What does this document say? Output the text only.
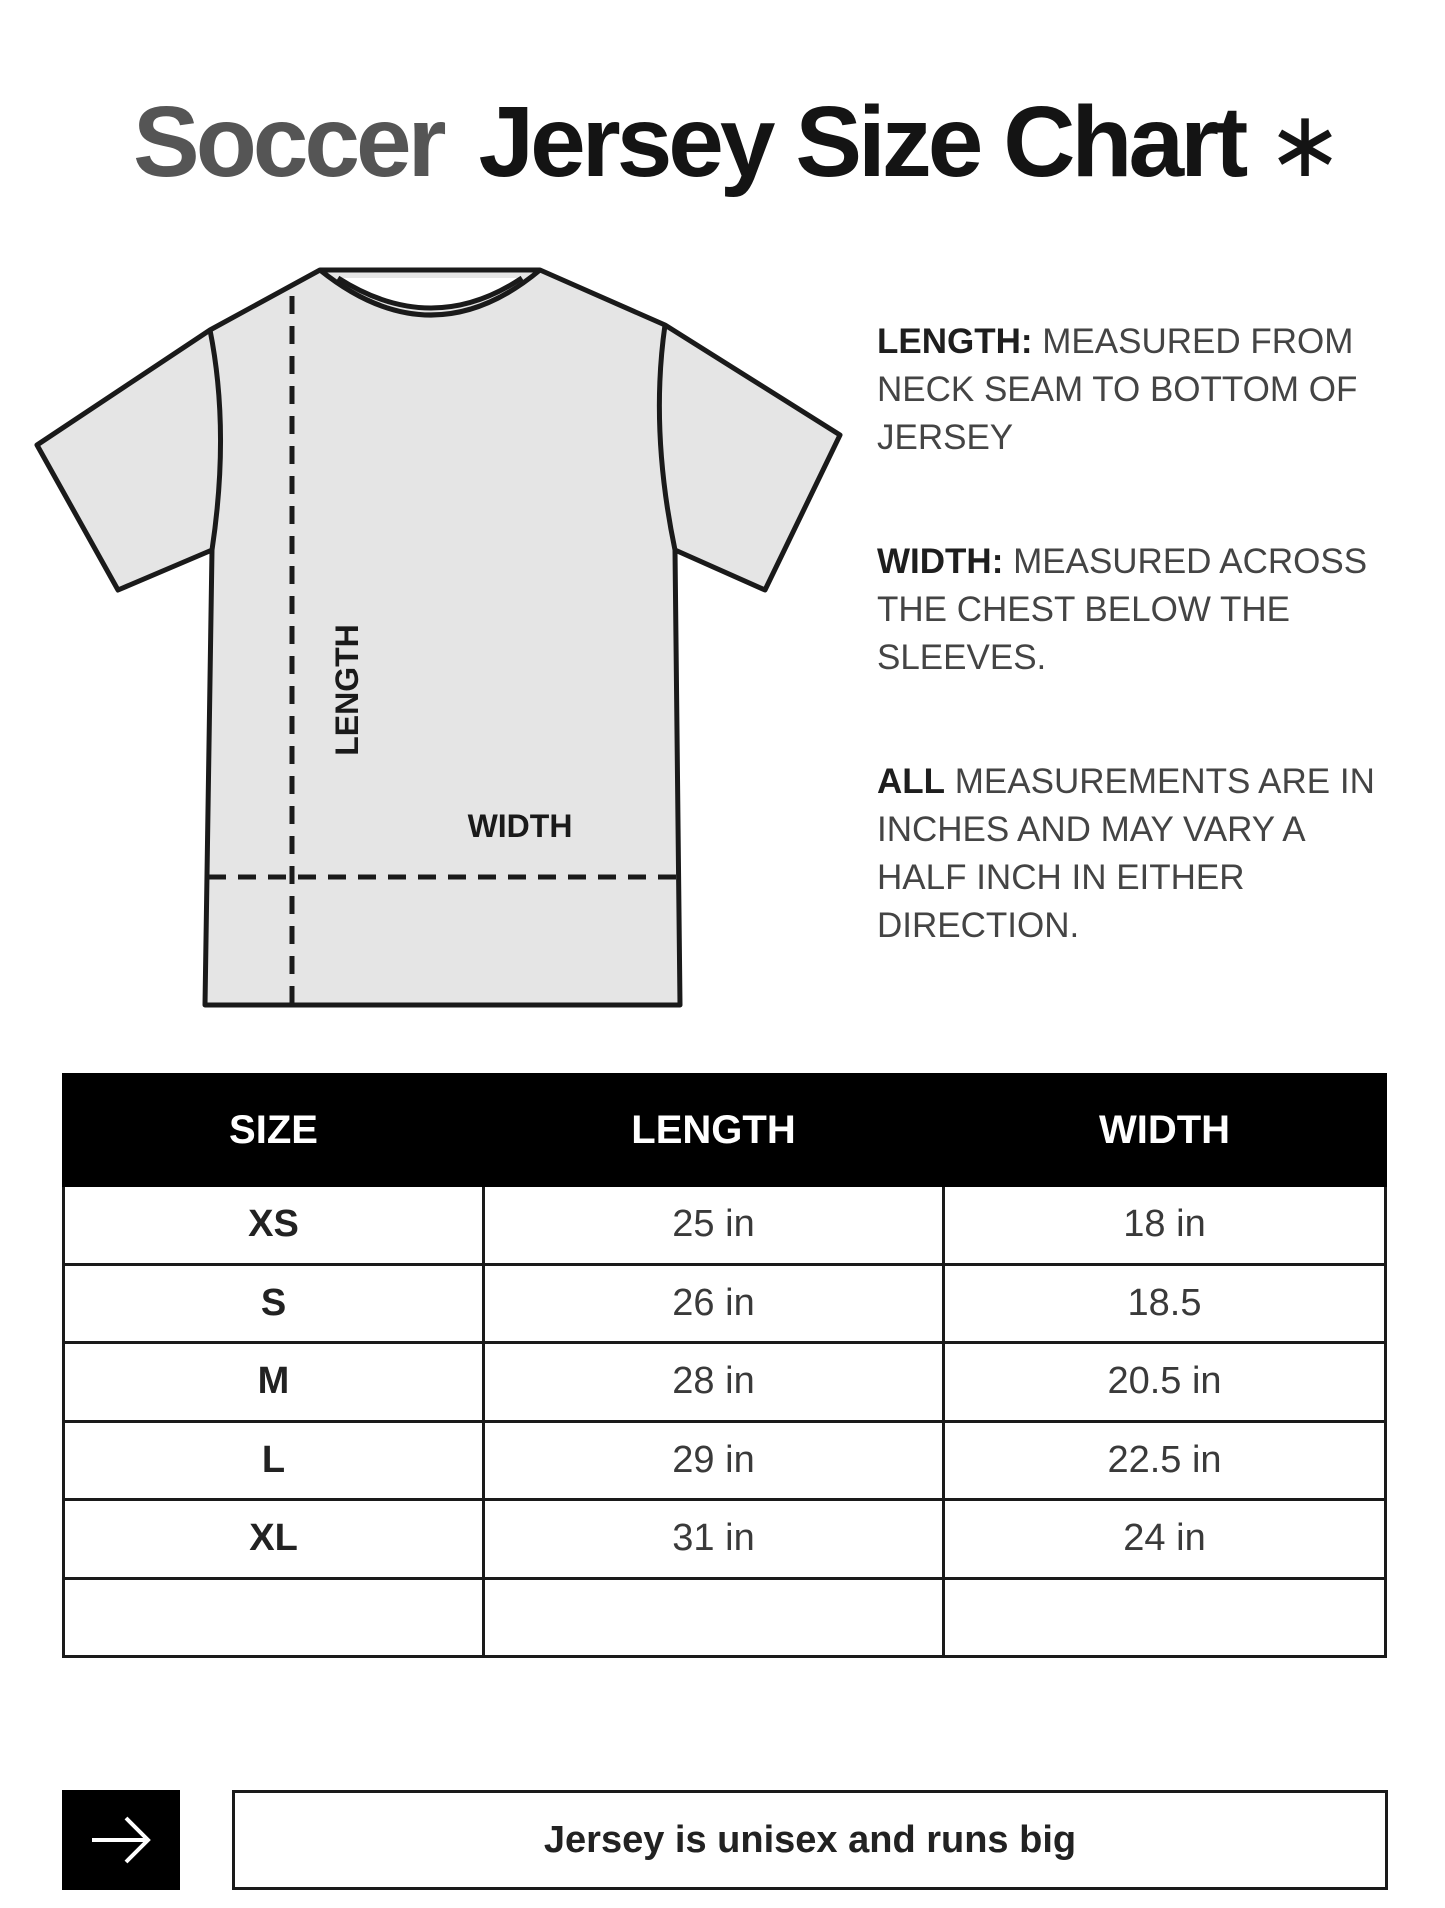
Soccer Jersey Size Chart ∗
LENGTH
WIDTH

LENGTH: MEASURED FROM NECK SEAM TO BOTTOM OF JERSEY

WIDTH: MEASURED ACROSS THE CHEST BELOW THE SLEEVES.

ALL MEASUREMENTS ARE IN INCHES AND MAY VARY A HALF INCH IN EITHER DIRECTION.

SIZE	LENGTH	WIDTH
XS	25 in	18 in
S	26 in	18.5
M	28 in	20.5 in
L	29 in	22.5 in
XL	31 in	24 in

Jersey is unisex and runs big
